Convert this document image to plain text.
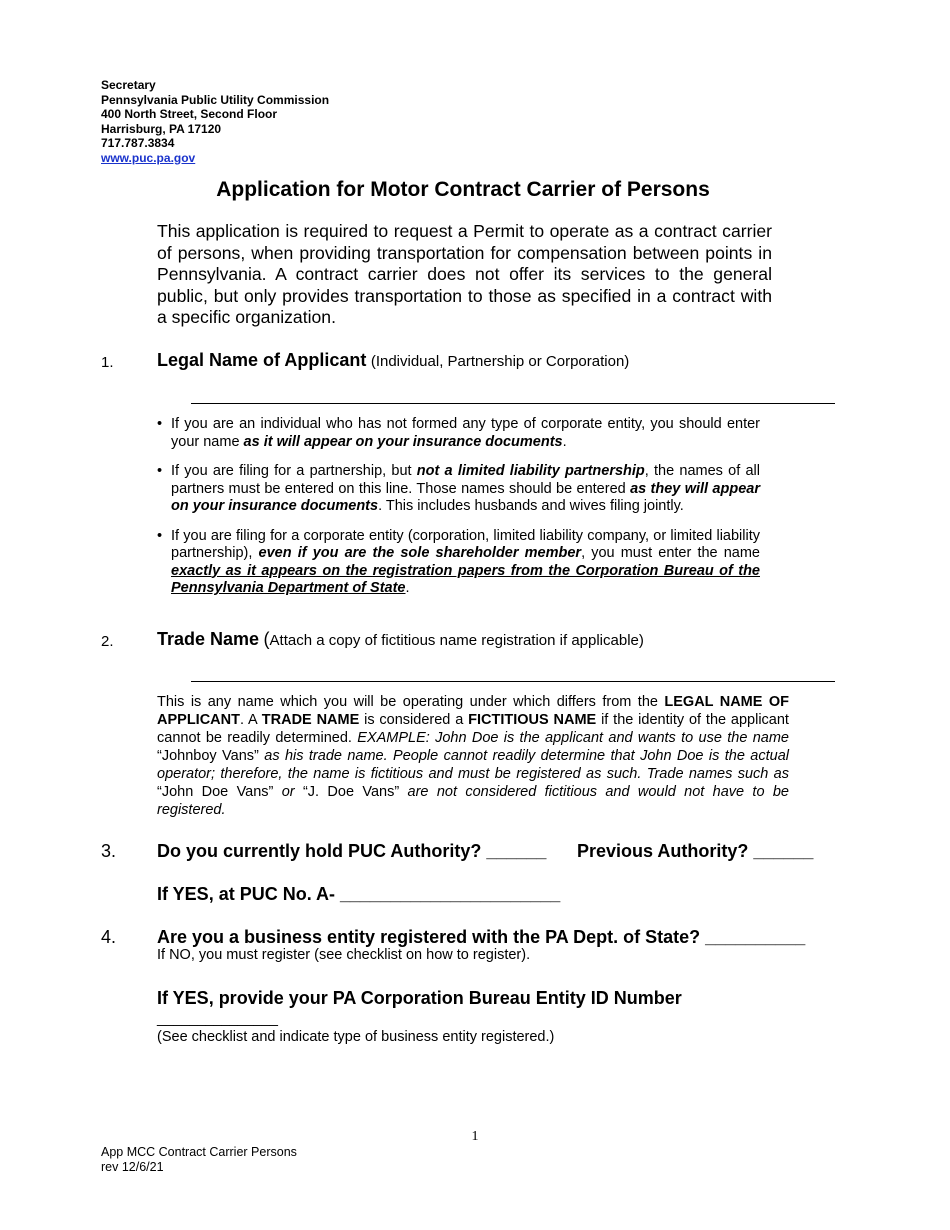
Secretary
Pennsylvania Public Utility Commission
400 North Street, Second Floor
Harrisburg, PA 17120
717.787.3834
www.puc.pa.gov
Application for Motor Contract Carrier of Persons
This application is required to request a Permit to operate as a contract carrier of persons, when providing transportation for compensation between points in Pennsylvania. A contract carrier does not offer its services to the general public, but only provides transportation to those as specified in a contract with a specific organization.
1. Legal Name of Applicant (Individual, Partnership or Corporation)
• If you are an individual who has not formed any type of corporate entity, you should enter your name as it will appear on your insurance documents.
• If you are filing for a partnership, but not a limited liability partnership, the names of all partners must be entered on this line. Those names should be entered as they will appear on your insurance documents. This includes husbands and wives filing jointly.
• If you are filing for a corporate entity (corporation, limited liability company, or limited liability partnership), even if you are the sole shareholder member, you must enter the name exactly as it appears on the registration papers from the Corporation Bureau of the Pennsylvania Department of State.
2. Trade Name (Attach a copy of fictitious name registration if applicable)
This is any name which you will be operating under which differs from the LEGAL NAME OF APPLICANT. A TRADE NAME is considered a FICTITIOUS NAME if the identity of the applicant cannot be readily determined. EXAMPLE: John Doe is the applicant and wants to use the name “Johnboy Vans” as his trade name. People cannot readily determine that John Doe is the actual operator; therefore, the name is fictitious and must be registered as such. Trade names such as “John Doe Vans” or “J. Doe Vans” are not considered fictitious and would not have to be registered.
3. Do you currently hold PUC Authority? ______ Previous Authority? ______
If YES, at PUC No. A- ______________________
4. Are you a business entity registered with the PA Dept. of State? __________
If NO, you must register (see checklist on how to register).
If YES, provide your PA Corporation Bureau Entity ID Number
_______________
(See checklist and indicate type of business entity registered.)
1
App MCC Contract Carrier Persons
rev 12/6/21
